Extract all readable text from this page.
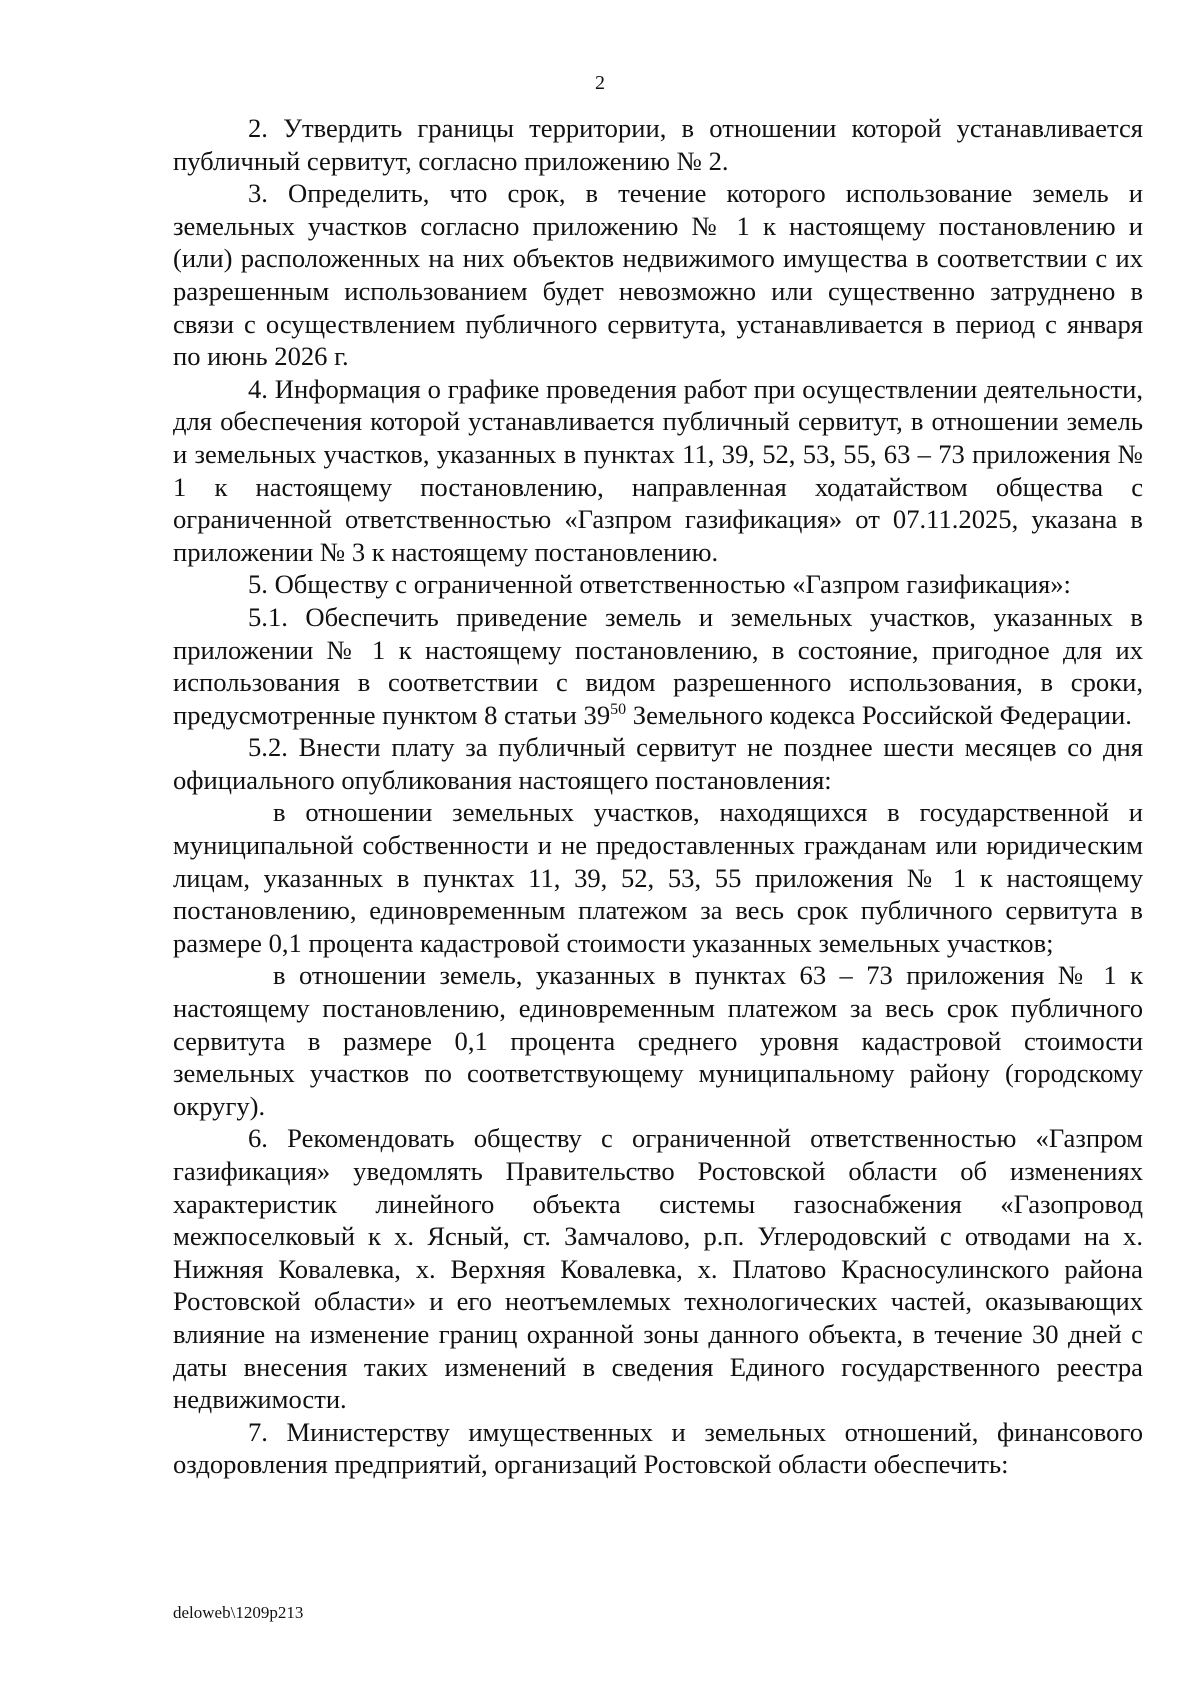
2

2. Утвердить границы территории, в отношении которой устанавливается публичный сервитут, согласно приложению № 2.

3. Определить, что срок, в течение которого использование земель и земельных участков согласно приложению № 1 к настоящему постановлению и (или) расположенных на них объектов недвижимого имущества в соответствии с их разрешенным использованием будет невозможно или существенно затруднено в связи с осуществлением публичного сервитута, устанавливается в период с января по июнь 2026 г.

4. Информация о графике проведения работ при осуществлении деятельности, для обеспечения которой устанавливается публичный сервитут, в отношении земель и земельных участков, указанных в пунктах 11, 39, 52, 53, 55, 63 – 73 приложения № 1 к настоящему постановлению, направленная ходатайством общества с ограниченной ответственностью «Газпром газификация» от 07.11.2025, указана в приложении № 3 к настоящему постановлению.

5. Обществу с ограниченной ответственностью «Газпром газификация»:

5.1. Обеспечить приведение земель и земельных участков, указанных в приложении № 1 к настоящему постановлению, в состояние, пригодное для их использования в соответствии с видом разрешенного использования, в сроки, предусмотренные пунктом 8 статьи $39^{50}$ Земельного кодекса Российской Федерации.

5.2. Внести плату за публичный сервитут не позднее шести месяцев со дня официального опубликования настоящего постановления:

в отношении земельных участков, находящихся в государственной и муниципальной собственности и не предоставленных гражданам или юридическим лицам, указанных в пунктах 11, 39, 52, 53, 55 приложения № 1 к настоящему постановлению, единовременным платежом за весь срок публичного сервитута в размере 0,1 процента кадастровой стоимости указанных земельных участков;

в отношении земель, указанных в пунктах 63 – 73 приложения № 1 к настоящему постановлению, единовременным платежом за весь срок публичного сервитута в размере 0,1 процента среднего уровня кадастровой стоимости земельных участков по соответствующему муниципальному району (городскому округу).

6. Рекомендовать обществу с ограниченной ответственностью «Газпром газификация» уведомлять Правительство Ростовской области об изменениях характеристик линейного объекта системы газоснабжения «Газопровод межпоселковый к х. Ясный, ст. Замчалово, р.п. Углеродовский с отводами на х. Нижняя Ковалевка, х. Верхняя Ковалевка, х. Платово Красносулинского района Ростовской области» и его неотъемлемых технологических частей, оказывающих влияние на изменение границ охранной зоны данного объекта, в течение 30 дней с даты внесения таких изменений в сведения Единого государственного реестра недвижимости.

7. Министерству имущественных и земельных отношений, финансового оздоровления предприятий, организаций Ростовской области обеспечить:

deloweb\1209p213
